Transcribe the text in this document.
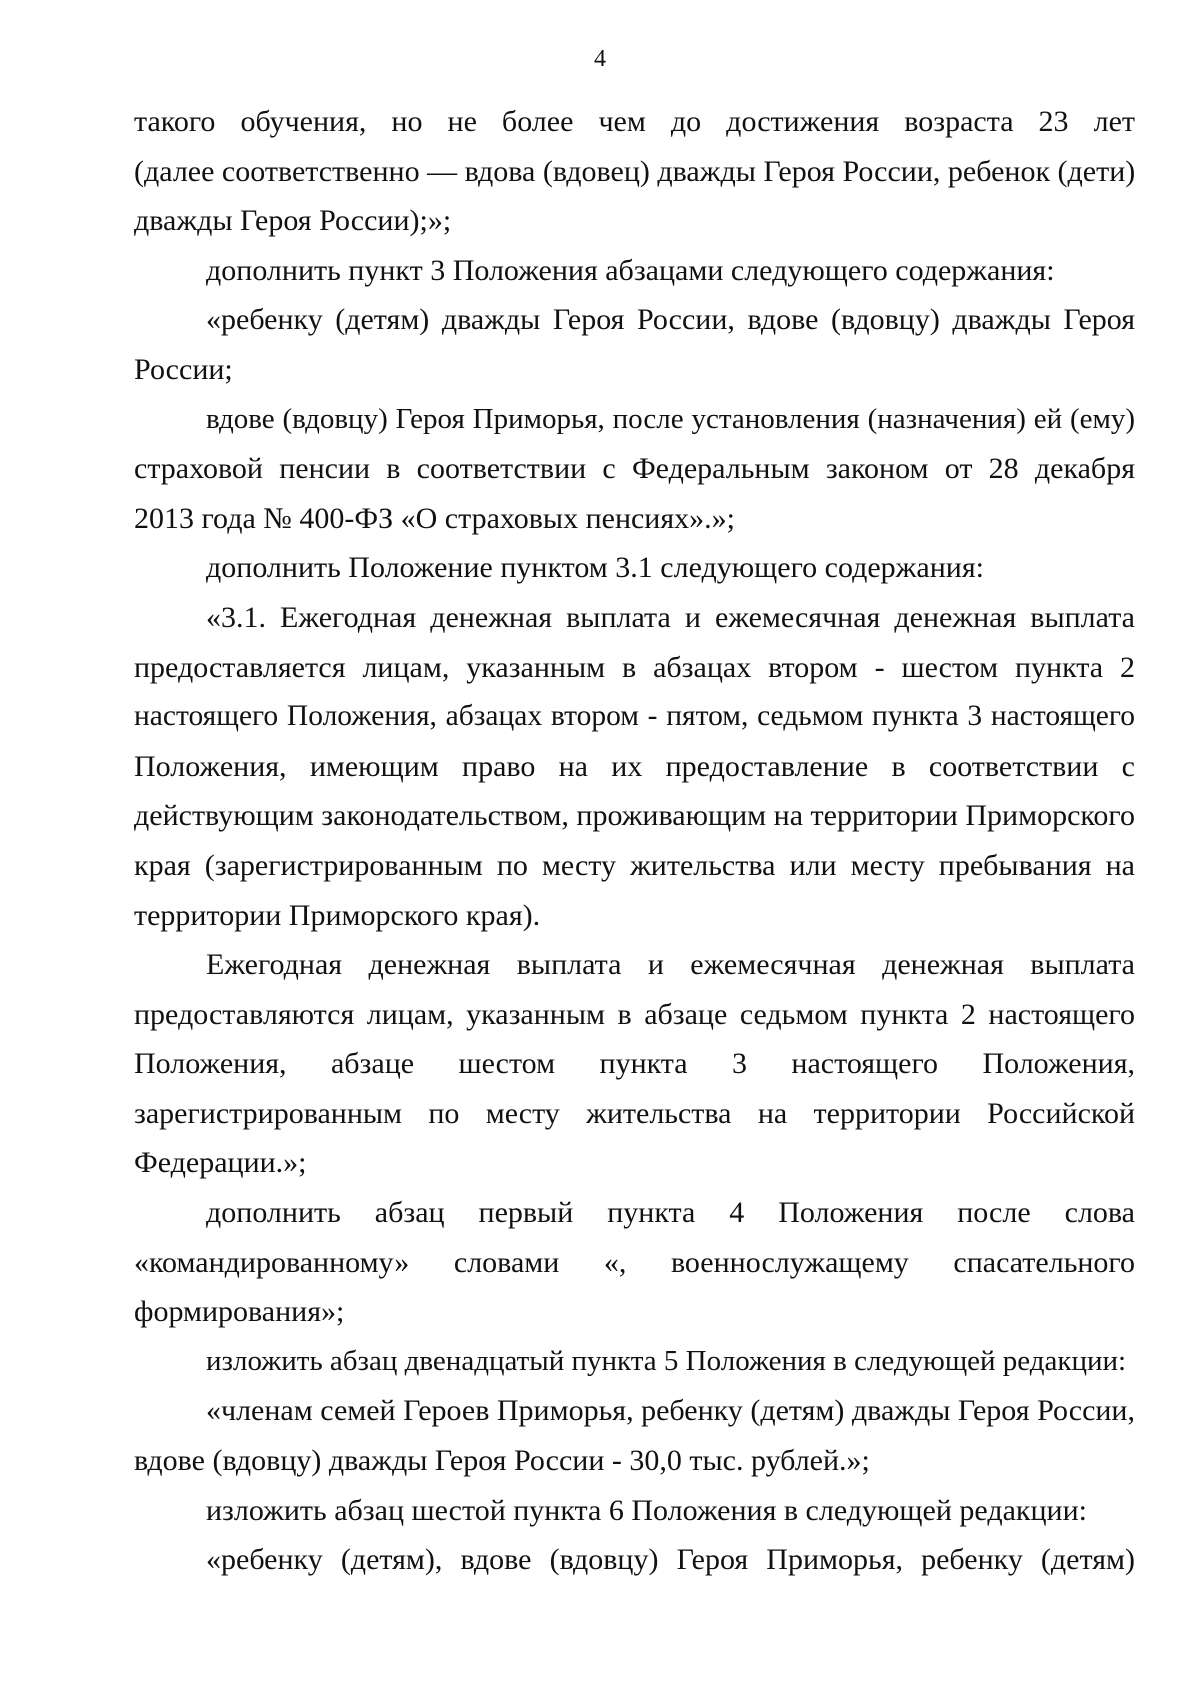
4
такого обучения, но не более чем до достижения возраста 23 лет
(далее соответственно — вдова (вдовец) дважды Героя России, ребенок (дети)
дважды Героя России);»;
дополнить пункт 3 Положения абзацами следующего содержания:
«ребенку (детям) дважды Героя России, вдове (вдовцу) дважды Героя
России;
вдове (вдовцу) Героя Приморья, после установления (назначения) ей (ему)
страховой пенсии в соответствии с Федеральным законом от 28 декабря
2013 года № 400-ФЗ «О страховых пенсиях».»;
дополнить Положение пунктом 3.1 следующего содержания:
«3.1. Ежегодная денежная выплата и ежемесячная денежная выплата
предоставляется лицам, указанным в абзацах втором - шестом пункта 2
настоящего Положения, абзацах втором - пятом, седьмом пункта 3 настоящего
Положения, имеющим право на их предоставление в соответствии с
действующим законодательством, проживающим на территории Приморского
края (зарегистрированным по месту жительства или месту пребывания на
территории Приморского края).
Ежегодная денежная выплата и ежемесячная денежная выплата
предоставляются лицам, указанным в абзаце седьмом пункта 2 настоящего
Положения, абзаце шестом пункта 3 настоящего Положения,
зарегистрированным по месту жительства на территории Российской
Федерации.»;
дополнить абзац первый пункта 4 Положения после слова
«командированному» словами «, военнослужащему спасательного
формирования»;
изложить абзац двенадцатый пункта 5 Положения в следующей редакции:
«членам семей Героев Приморья, ребенку (детям) дважды Героя России,
вдове (вдовцу) дважды Героя России - 30,0 тыс. рублей.»;
изложить абзац шестой пункта 6 Положения в следующей редакции:
«ребенку (детям), вдове (вдовцу) Героя Приморья, ребенку (детям)
